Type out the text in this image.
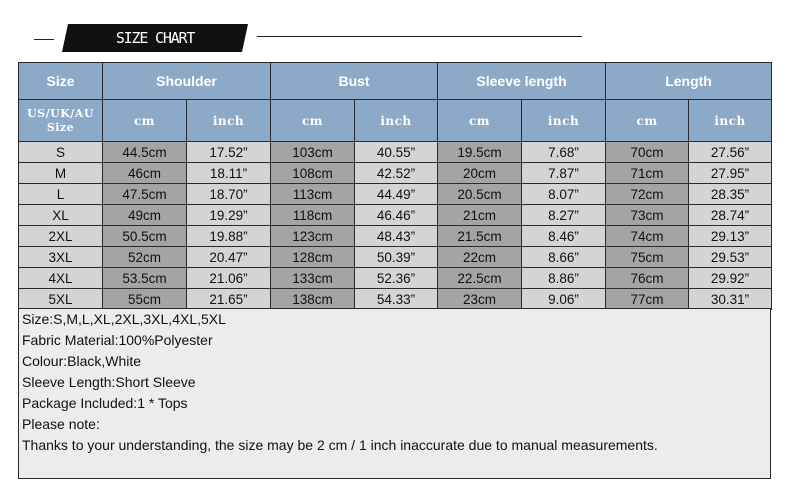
SIZE CHART
Size	Shoulder		Bust		Sleeve length		Length	
US/UK/AU
Size	cm	inch	cm	inch	cm	inch	cm	inch
S	44.5cm	17.52”	103cm	40.55”	19.5cm	7.68”	70cm	27.56”
M	46cm	18.11”	108cm	42.52”	20cm	7.87”	71cm	27.95”
L	47.5cm	18.70”	113cm	44.49”	20.5cm	8.07”	72cm	28.35”
XL	49cm	19.29”	118cm	46.46”	21cm	8.27”	73cm	28.74”
2XL	50.5cm	19.88”	123cm	48.43”	21.5cm	8.46”	74cm	29.13”
3XL	52cm	20.47”	128cm	50.39”	22cm	8.66”	75cm	29.53”
4XL	53.5cm	21.06”	133cm	52.36”	22.5cm	8.86”	76cm	29.92”
5XL	55cm	21.65”	138cm	54.33”	23cm	9.06”	77cm	30.31”

Size:S,M,L,XL,2XL,3XL,4XL,5XL

Fabric Material:100%Polyester

Colour:Black,White

Sleeve Length:Short Sleeve

Package Included:1 * Tops

Please note:

Thanks to your understanding, the size may be 2 cm / 1 inch inaccurate due to manual measurements.
